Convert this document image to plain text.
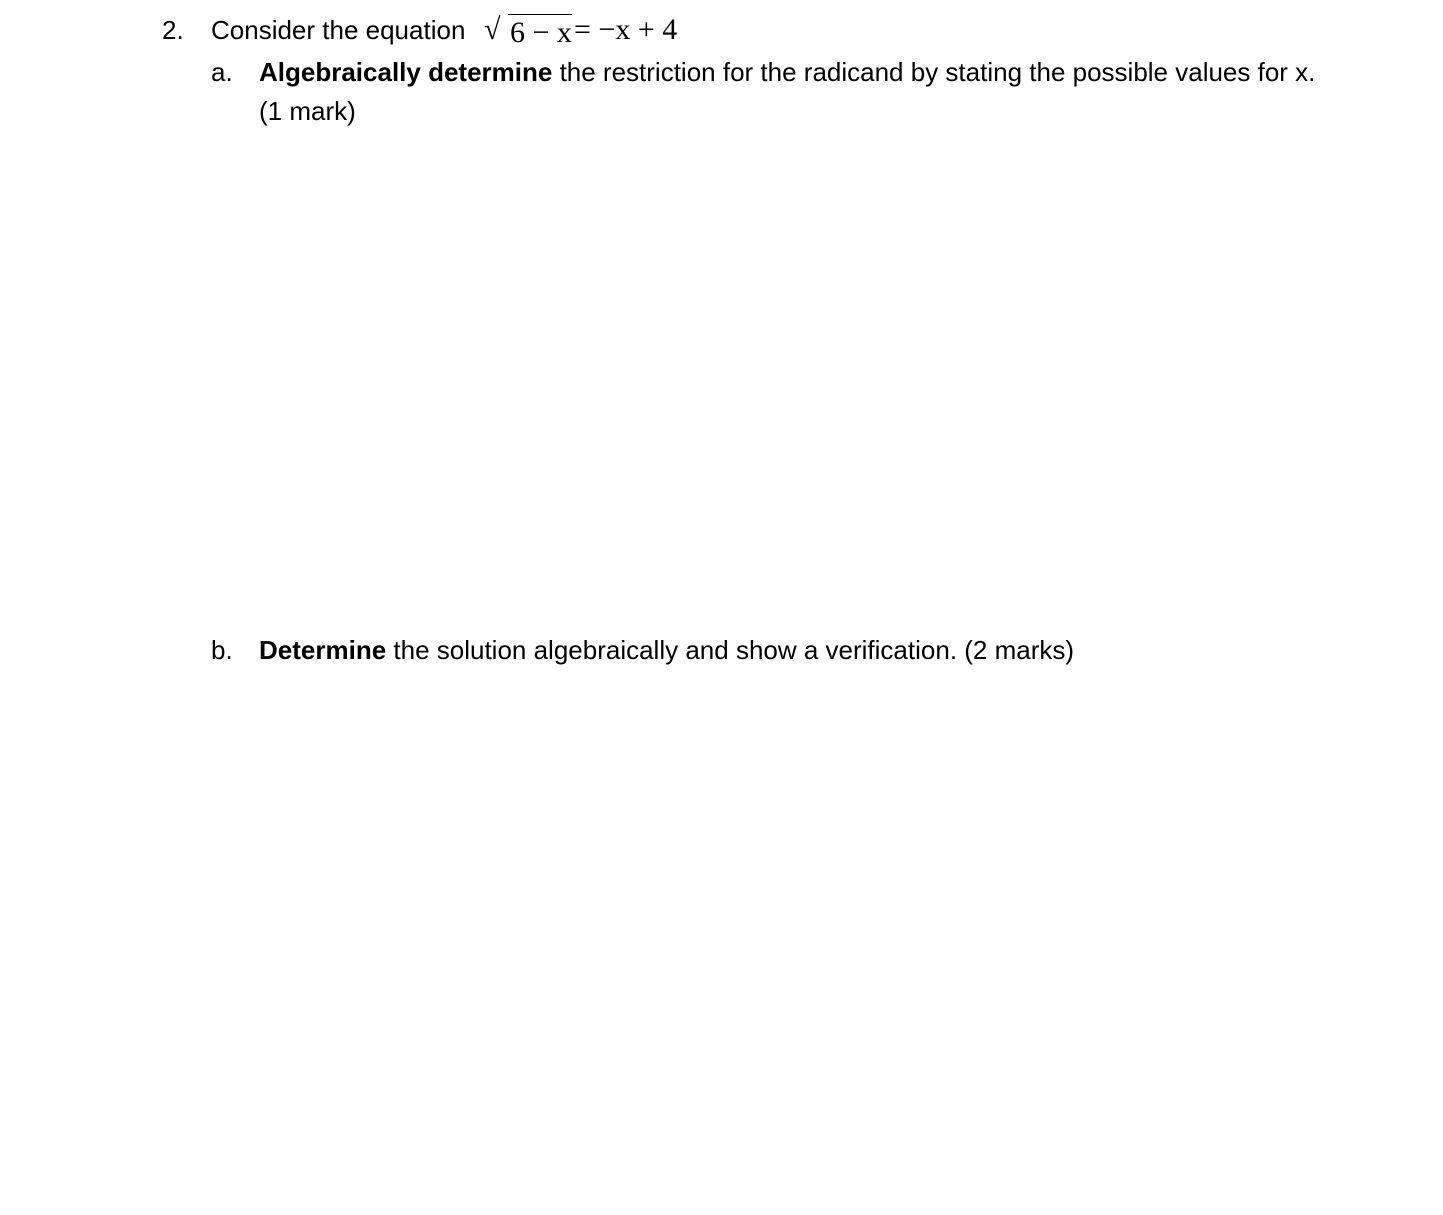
2. Consider the equation √ 6 − x = −x + 4
a. Algebraically determine the restriction for the radicand by stating the possible values for x.
(1 mark)
b. Determine the solution algebraically and show a verification. (2 marks)
